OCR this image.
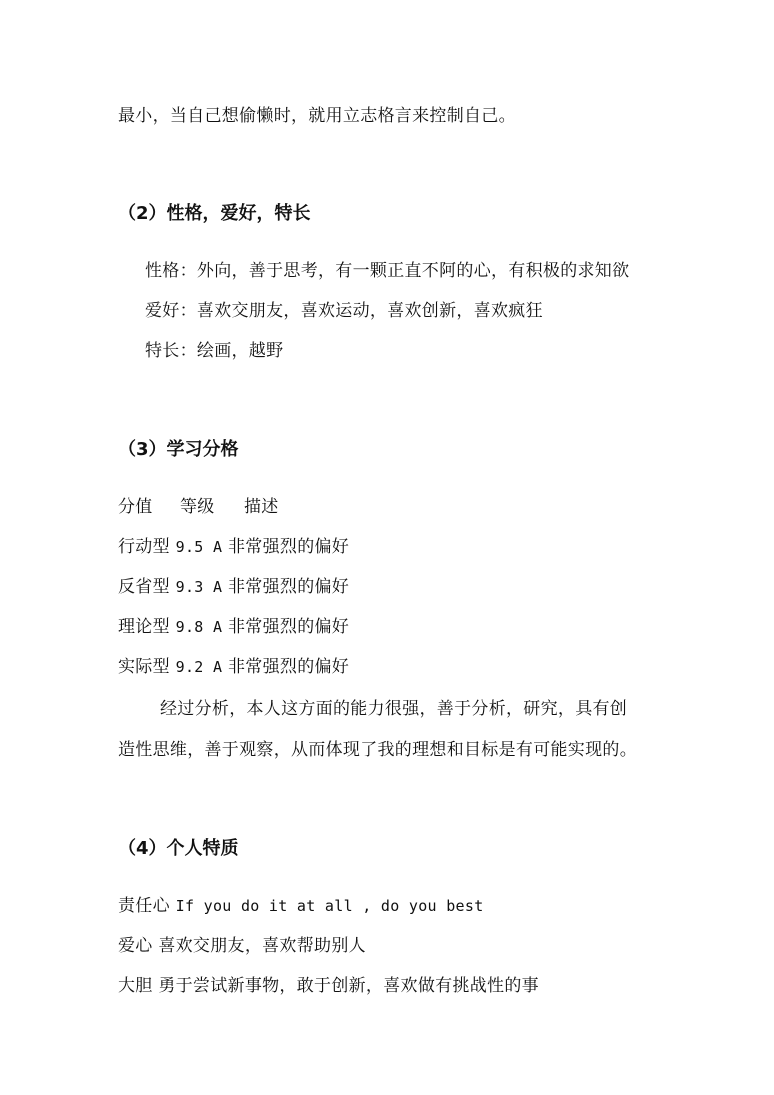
最小，当自己想偷懒时，就用立志格言来控制自己。
（2）性格，爱好，特长
性格：外向，善于思考，有一颗正直不阿的心，有积极的求知欲
爱好：喜欢交朋友，喜欢运动，喜欢创新，喜欢疯狂
特长：绘画，越野
（3）学习分格
分值 等级 描述
行动型 9.5 A 非常强烈的偏好
反省型 9.3 A 非常强烈的偏好
理论型 9.8 A 非常强烈的偏好
实际型 9.2 A 非常强烈的偏好
经过分析，本人这方面的能力很强，善于分析，研究，具有创
造性思维，善于观察，从而体现了我的理想和目标是有可能实现的。
（4）个人特质
责任心 If you do it at all , do you best
爱心 喜欢交朋友，喜欢帮助别人
大胆 勇于尝试新事物，敢于创新，喜欢做有挑战性的事
